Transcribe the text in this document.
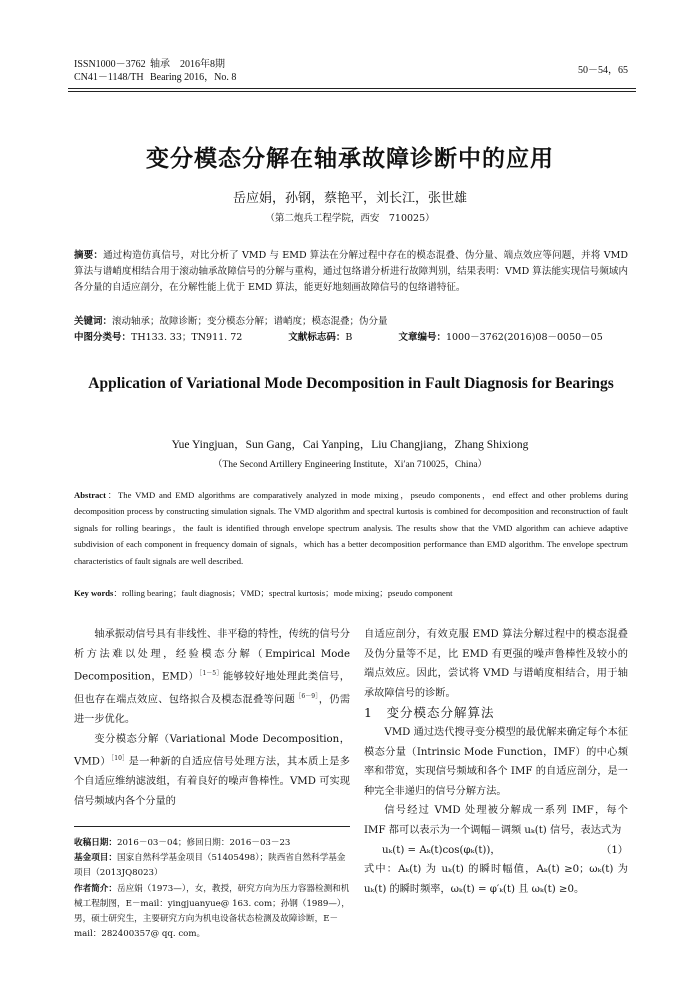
ISSN1000－3762 轴承 2016年8期
CN41－1148/TH Bearing 2016，No. 8
50－54，65
变分模态分解在轴承故障诊断中的应用
岳应娟，孙钢，蔡艳平，刘长江，张世雄
（第二炮兵工程学院，西安　710025）
摘要：通过构造仿真信号，对比分析了 VMD 与 EMD 算法在分解过程中存在的模态混叠、伪分量、端点效应等问题，并将 VMD 算法与谱峭度相结合用于滚动轴承故障信号的分解与重构，通过包络谱分析进行故障判别，结果表明：VMD 算法能实现信号频域内各分量的自适应剖分，在分解性能上优于 EMD 算法，能更好地刻画故障信号的包络谱特征。
关键词：滚动轴承；故障诊断；变分模态分解；谱峭度；模态混叠；伪分量
中图分类号：TH133. 33；TN911. 72	文献标志码：B	文章编号：1000－3762(2016)08－0050－05
Application of Variational Mode Decomposition in Fault Diagnosis for Bearings
Yue Yingjuan，Sun Gang，Cai Yanping，Liu Changjiang，Zhang Shixiong
（The Second Artillery Engineering Institute，Xi′an 710025，China）
Abstract：The VMD and EMD algorithms are comparatively analyzed in mode mixing，pseudo components，end effect and other problems during decomposition process by constructing simulation signals. The VMD algorithm and spectral kurtosis is combined for decomposition and reconstruction of fault signals for rolling bearings，the fault is identified through envelope spectrum analysis. The results show that the VMD algorithm can achieve adaptive subdivision of each component in frequency domain of signals，which has a better decomposition performance than EMD algorithm. The envelope spectrum characteristics of fault signals are well described.
Key words：rolling bearing；fault diagnosis；VMD；spectral kurtosis；mode mixing；pseudo component

轴承振动信号具有非线性、非平稳的特性，传统的信号分析方法难以处理，经验模态分解（Empirical Mode Decomposition，EMD）$^{[1-5]}$能够较好地处理此类信号，但也存在端点效应、包络拟合及模态混叠等问题$^{[6-9]}$，仍需进一步优化。

变分模态分解（Variational Mode Decomposition，VMD）$^{[10]}$是一种新的自适应信号处理方法，其本质上是多个自适应维纳滤波组，有着良好的噪声鲁棒性。VMD 可实现信号频域内各个分量的

收稿日期：2016－03－04；修回日期：2016－03－23
基金项目：国家自然科学基金项目（51405498）；陕西省自然科学基金项目（2013JQ8023）
作者简介：岳应娟（1973—），女，教授，研究方向为压力容器检测和机械工程制图，E－mail：yingjuanyue@ 163. com；孙钢（1989—），男，硕士研究生，主要研究方向为机电设备状态检测及故障诊断，E－mail：282400357@ qq. com。

自适应剖分，有效克服 EMD 算法分解过程中的模态混叠及伪分量等不足，比 EMD 有更强的噪声鲁棒性及较小的端点效应。因此，尝试将 VMD 与谱峭度相结合，用于轴承故障信号的诊断。

1　变分模态分解算法

VMD 通过迭代搜寻变分模型的最优解来确定每个本征模态分量（Intrinsic Mode Function，IMF）的中心频率和带宽，实现信号频域和各个 IMF 的自适应剖分，是一种完全非递归的信号分解方法。

信号经过 VMD 处理被分解成一系列 IMF，每个 IMF 都可以表示为一个调幅－调频 uₖ(t) 信号，表达式为

uₖ(t) = Aₖ(t)cos(φₖ(t))，	（1）

式中：Aₖ(t) 为 uₖ(t) 的瞬时幅值，Aₖ(t) ≥0；ωₖ(t) 为 uₖ(t) 的瞬时频率，ωₖ(t) = φ′ₖ(t) 且 ωₖ(t) ≥0。
